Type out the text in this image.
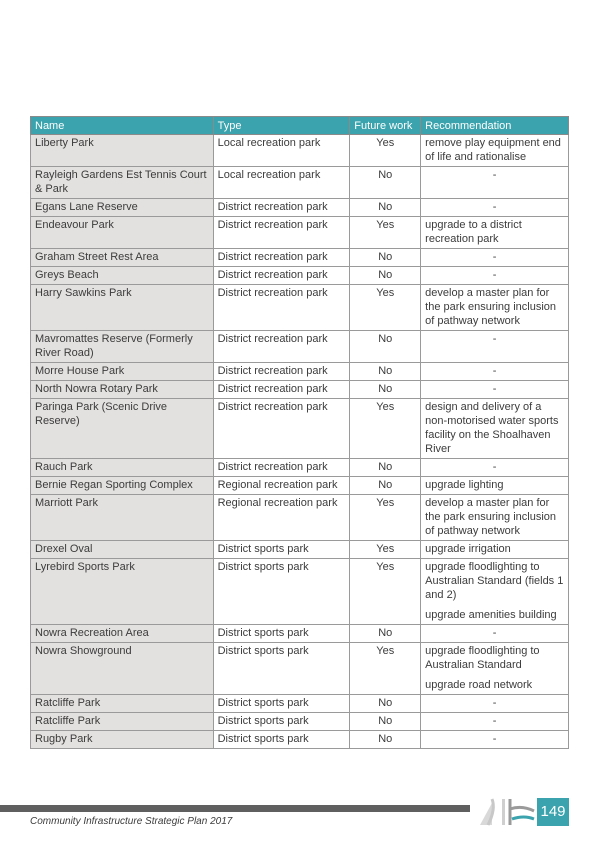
Name	Type	Future work	Recommendation
Liberty Park	Local recreation park	Yes	remove play equipment end of life and rationalise

Rayleigh Gardens Est Tennis Court & Park	Local recreation park	No	-

Egans Lane Reserve	District recreation park	No	-

Endeavour Park	District recreation park	Yes	upgrade to a district recreation park

Graham Street Rest Area	District recreation park	No	-

Greys Beach	District recreation park	No	-

Harry Sawkins Park	District recreation park	Yes	develop a master plan for the park ensuring inclusion of pathway network

Mavromattes Reserve (Formerly River Road)	District recreation park	No	-

Morre House Park	District recreation park	No	-

North Nowra Rotary Park	District recreation park	No	-

Paringa Park (Scenic Drive Reserve)	District recreation park	Yes	design and delivery of a non-motorised water sports facility on the Shoalhaven River

Rauch Park	District recreation park	No	-

Bernie Regan Sporting Complex	Regional recreation park	No	upgrade lighting

Marriott Park	Regional recreation park	Yes	develop a master plan for the park ensuring inclusion of pathway network

Drexel Oval	District sports park	Yes	upgrade irrigation

Lyrebird Sports Park	District sports park	Yes	upgrade floodlighting to Australian Standard (fields 1 and 2)
upgrade amenities building

Nowra Recreation Area	District sports park	No	-

Nowra Showground	District sports park	Yes	upgrade floodlighting to Australian Standard
upgrade road network

Ratcliffe Park	District sports park	No	-

Ratcliffe Park	District sports park	No	-

Rugby Park	District sports park	No	-
Community Infrastructure Strategic Plan 2017
149
